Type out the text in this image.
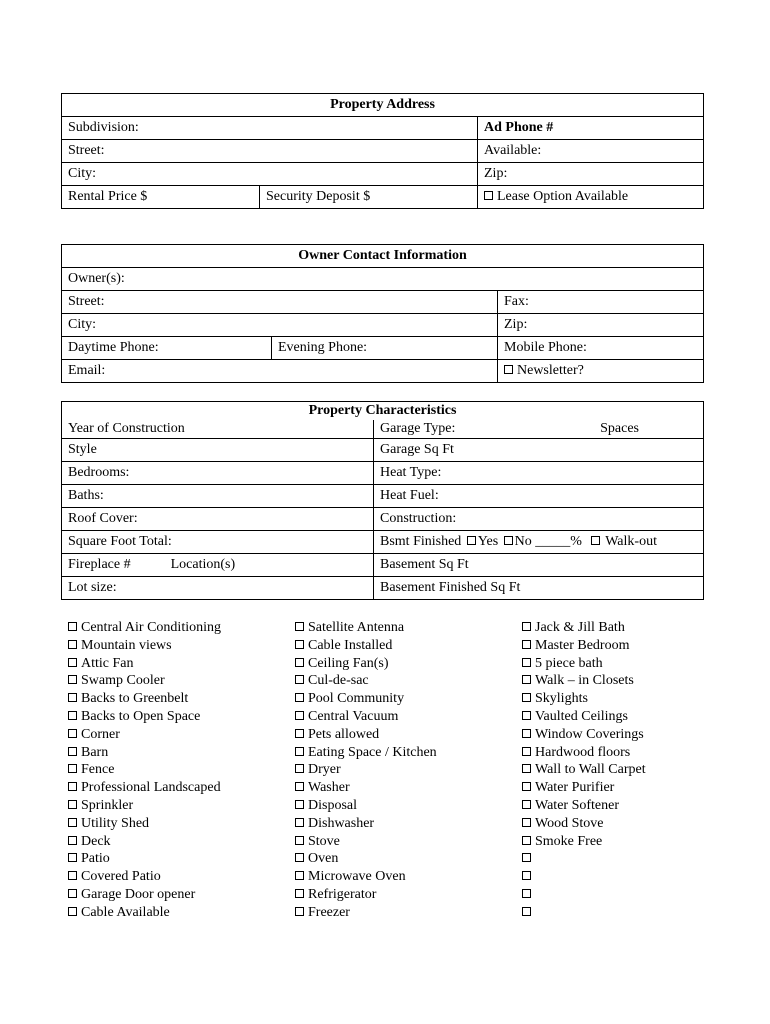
Property Address		
Subdivision:		Ad Phone #
Street:		Available:
City:		Zip:
Rental Price $	Security Deposit $	Lease Option Available
Owner Contact Information		
Owner(s):		
Street:		Fax:
City:		Zip:
Daytime Phone:	Evening Phone:	Mobile Phone:
Email:		Newsletter?
Property Characteristics	
Year of Construction	Garage Type: Spaces

Style	Garage Sq Ft
Bedrooms:	Heat Type:
Baths:	Heat Fuel:
Roof Cover:	Construction:
Square Foot Total:	Bsmt Finished Yes No _____% Walk-out
Fireplace # Location(s)	Basement Sq Ft
Lot size:	Basement Finished Sq Ft
Central Air Conditioning
Mountain views
Attic Fan
Swamp Cooler
Backs to Greenbelt
Backs to Open Space
Corner
Barn
Fence
Professional Landscaped
Sprinkler
Utility Shed
Deck
Patio
Covered Patio
Garage Door opener
Cable Available
Satellite Antenna
Cable Installed
Ceiling Fan(s)
Cul-de-sac
Pool Community
Central Vacuum
Pets allowed
Eating Space / Kitchen
Dryer
Washer
Disposal
Dishwasher
Stove
Oven
Microwave Oven
Refrigerator
Freezer
Jack & Jill Bath
Master Bedroom
5 piece bath
Walk – in Closets
Skylights
Vaulted Ceilings
Window Coverings
Hardwood floors
Wall to Wall Carpet
Water Purifier
Water Softener
Wood Stove
Smoke Free
